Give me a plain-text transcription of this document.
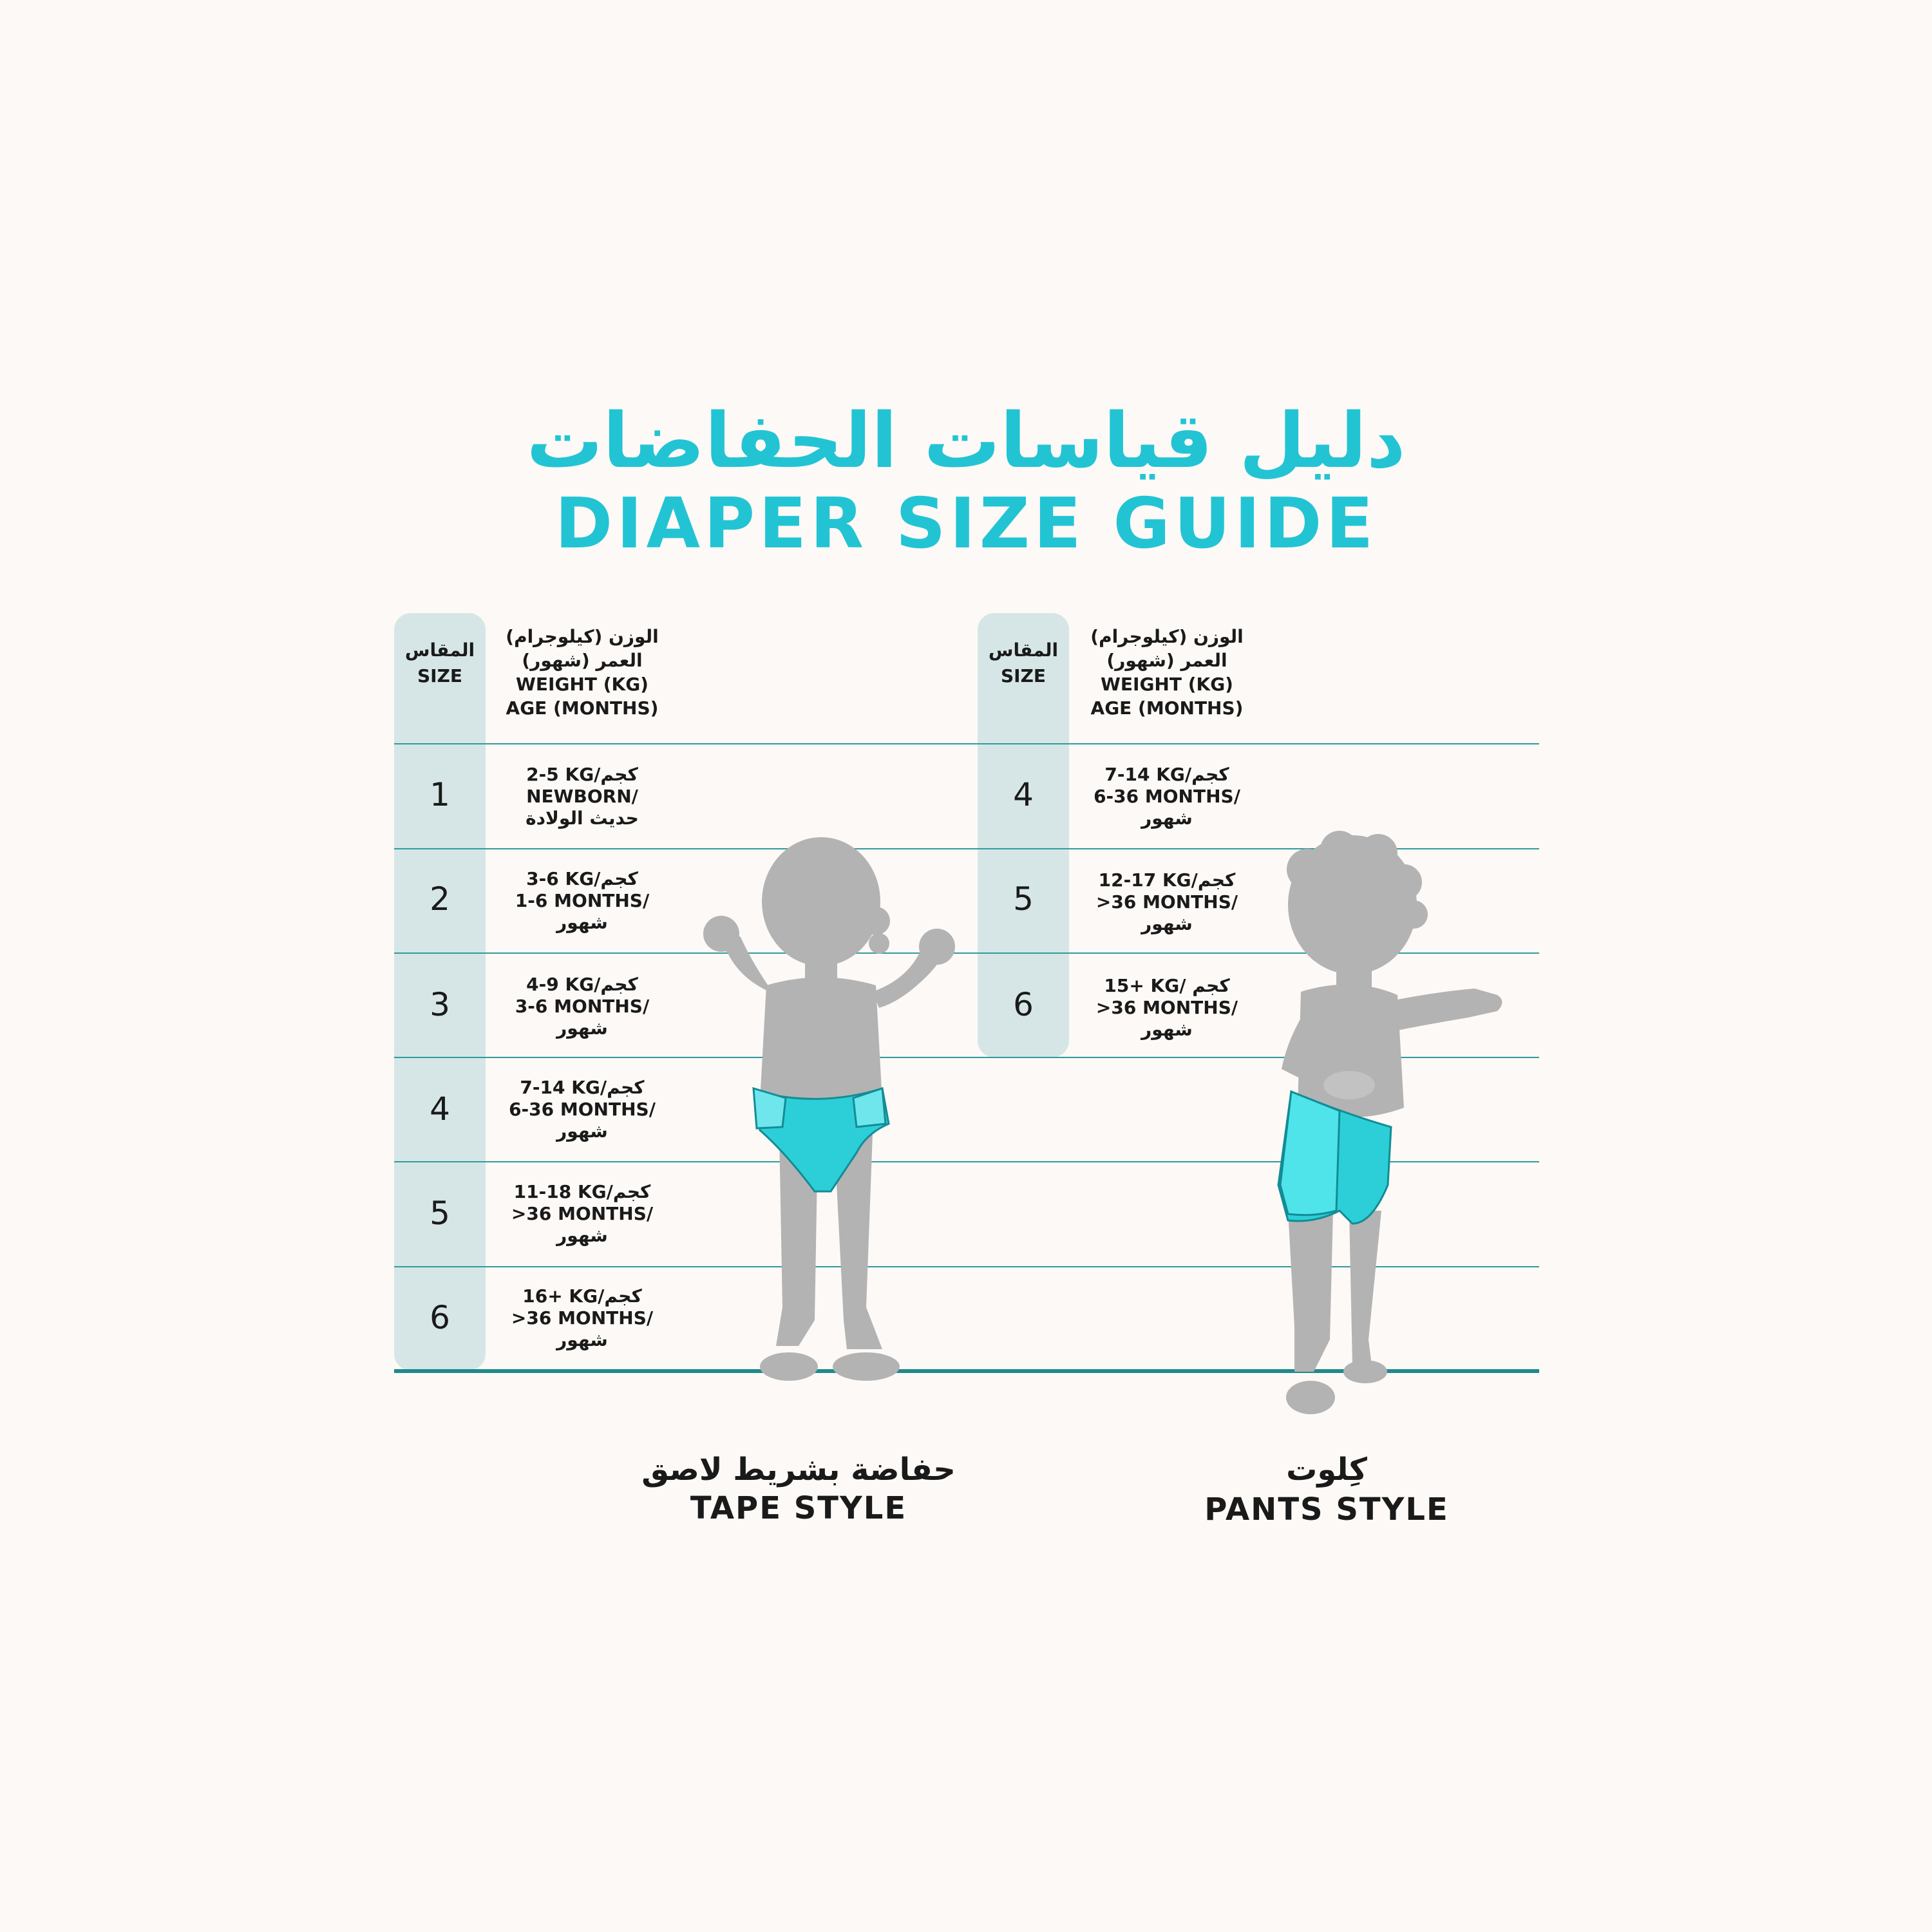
دليل قياسات الحفاضات
DIAPER SIZE GUIDE
المقاس
SIZE
الوزن (كيلوجرام)
العمر (شهور)
WEIGHT (KG)
AGE (MONTHS)
1
2-5 KG/كجم
NEWBORN/
حديث الولادة
2
3-6 KG/كجم
1-6 MONTHS/
شهور
3
4-9 KG/كجم
3-6 MONTHS/
شهور
4
7-14 KG/كجم
6-36 MONTHS/
شهور
5
11-18 KG/كجم
>36 MONTHS/
شهور
6
16+ KG/كجم
>36 MONTHS/
شهور
المقاس
SIZE
الوزن (كيلوجرام)
العمر (شهور)
WEIGHT (KG)
AGE (MONTHS)
4
7-14 KG/كجم
6-36 MONTHS/
شهور
5
12-17 KG/كجم
>36 MONTHS/
شهور
6
15+ KG/ كجم
>36 MONTHS/
شهور
حفاضة بشريط لاصق
TAPE STYLE
كِلوت
PANTS STYLE
